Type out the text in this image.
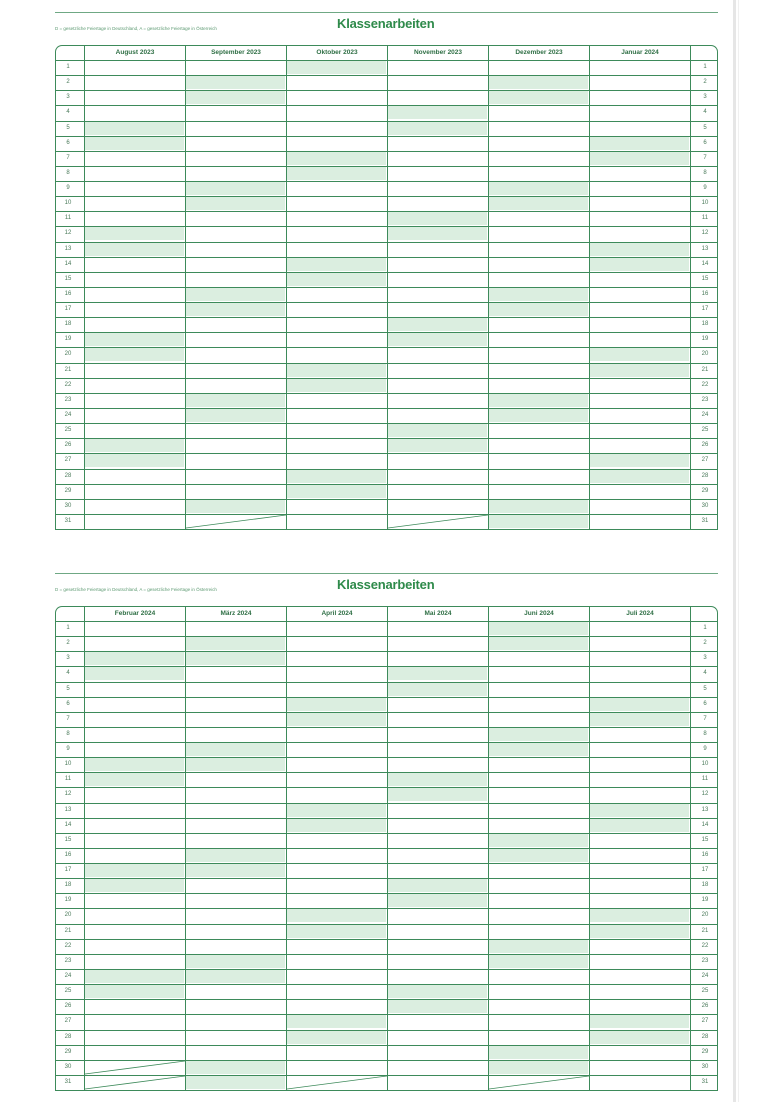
D = gesetzliche Feiertage in Deutschland, A = gesetzliche Feiertage in Österreich	Klassenarbeiten
August 2023	September 2023	Oktober 2023	November 2023	Dezember 2023	Januar 2024
1	1
2	2
3	3
4	4
5	5
6	6
7	7
8	8
9	9
10	10
11	11
12	12
13	13
14	14
15	15
16	16
17	17
18	18
19	19
20	20
21	21
22	22
23	23
24	24
25	25
26	26
27	27
28	28
29	29
30	30
31	31
D = gesetzliche Feiertage in Deutschland, A = gesetzliche Feiertage in Österreich	Klassenarbeiten
Februar 2024	März 2024	April 2024	Mai 2024	Juni 2024	Juli 2024
1	1
2	2
3	3
4	4
5	5
6	6
7	7
8	8
9	9
10	10
11	11
12	12
13	13
14	14
15	15
16	16
17	17
18	18
19	19
20	20
21	21
22	22
23	23
24	24
25	25
26	26
27	27
28	28
29	29
30	30
31	31
